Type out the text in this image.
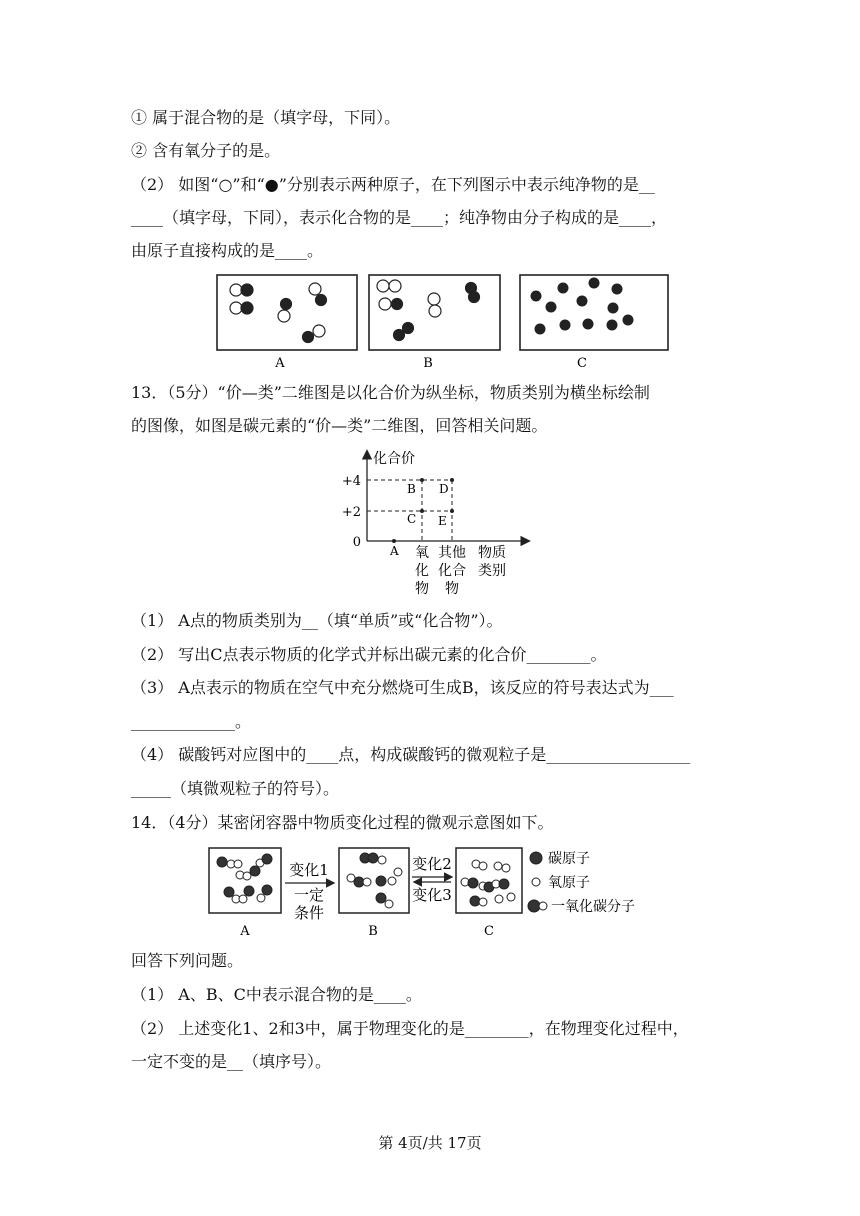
① 属于混合物的是（填字母，下同）。
② 含有氧分子的是。
（2） 如图“○”和“●”分别表示两种原子，在下列图示中表示纯净物的是__
____（填字母，下同），表示化合物的是____；纯净物由分子构成的是____，
由原子直接构成的是____。
A	B	C
13．（5分）“价—类”二维图是以化合价为纵坐标，物质类别为横坐标绘制
的图像，如图是碳元素的“价—类”二维图，回答相关问题。
化合价
+4
+2
0
A
B
C
D
E
氧
化
物
其他
化合
物
物质
类别
（1） A点的物质类别为__（填“单质”或“化合物”）。
（2） 写出C点表示物质的化学式并标出碳元素的化合价________。
（3） A点表示的物质在空气中充分燃烧可生成B，该反应的符号表达式为___
_____________。
（4） 碳酸钙对应图中的____点，构成碳酸钙的微观粒子是__________________
_____（填微观粒子的符号）。
14．（4分）某密闭容器中物质变化过程的微观示意图如下。
变化1
一定
条件
变化2
变化3
碳原子
氧原子
一氧化碳分子
A	B	C
回答下列问题。
（1） A、B、C中表示混合物的是____。
（2） 上述变化1、2和3中，属于物理变化的是________，在物理变化过程中，
一定不变的是__（填序号）。
第 4页/共 17页
